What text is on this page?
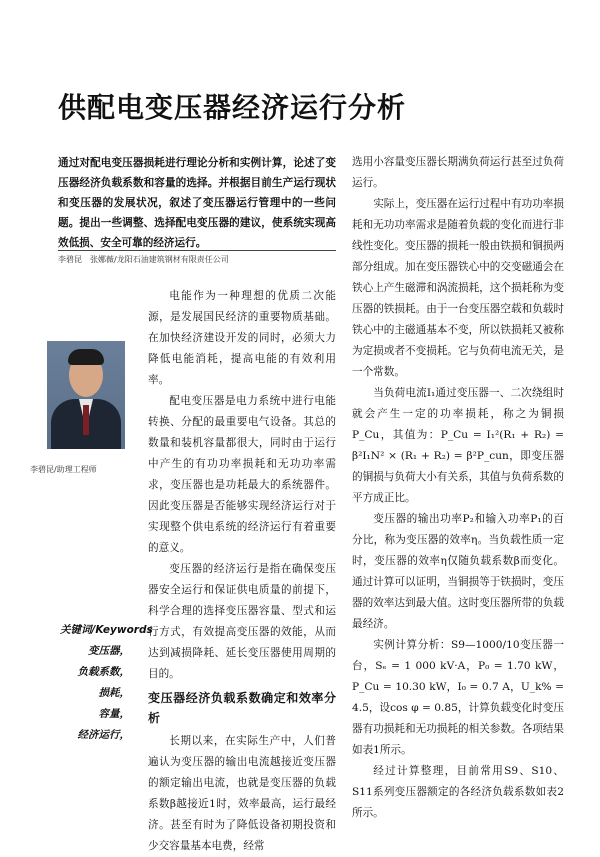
供配电变压器经济运行分析
通过对配电变压器损耗进行理论分析和实例计算，论述了变压器经济负载系数和容量的选择。并根据目前生产运行现状和变压器的发展状况，叙述了变压器运行管理中的一些问题。提出一些调整、选择配电变压器的建议，使系统实现高效低损、安全可靠的经济运行。
李碧昆　张娜薇/龙阳石油建筑钢材有限责任公司
李碧昆/助理工程师
关键词/Keywords
变压器，
负载系数，
损耗，
容量，
经济运行，

电能作为一种理想的优质二次能源，是发展国民经济的重要物质基础。在加快经济建设开发的同时，必须大力降低电能消耗，提高电能的有效利用率。

配电变压器是电力系统中进行电能转换、分配的最重要电气设备。其总的数量和装机容量都很大，同时由于运行中产生的有功功率损耗和无功功率需求，变压器也是功耗最大的系统器件。因此变压器是否能够实现经济运行对于实现整个供电系统的经济运行有着重要的意义。

变压器的经济运行是指在确保变压器安全运行和保证供电质量的前提下，科学合理的选择变压器容量、型式和运行方式，有效提高变压器的效能，从而达到减损降耗、延长变压器使用周期的目的。

变压器经济负载系数确定和效率分析

长期以来，在实际生产中，人们普遍认为变压器的输出电流越接近变压器的额定输出电流，也就是变压器的负载系数β越接近1时，效率最高，运行最经济。甚至有时为了降低设备初期投资和少交容量基本电费，经常

选用小容量变压器长期满负荷运行甚至过负荷运行。

实际上，变压器在运行过程中有功功率损耗和无功功率需求是随着负载的变化而进行非线性变化。变压器的损耗一般由铁损和铜损两部分组成。加在变压器铁心中的交变磁通会在铁心上产生磁滞和涡流损耗，这个损耗称为变压器的铁损耗。由于一台变压器空载和负载时铁心中的主磁通基本不变，所以铁损耗又被称为定损或者不变损耗。它与负荷电流无关，是一个常数。

当负荷电流I₁通过变压器一、二次绕组时就会产生一定的功率损耗，称之为铜损P_Cu，其值为：P_Cu = I₁²(R₁ + R₂) = β²I₁N² × (R₁ + R₂) = β²P_cun，即变压器的铜损与负荷大小有关系，其值与负荷系数的平方成正比。

变压器的输出功率P₂和输入功率P₁的百分比，称为变压器的效率η。当负载性质一定时，变压器的效率η仅随负载系数β而变化。通过计算可以证明，当铜损等于铁损时，变压器的效率达到最大值。这时变压器所带的负载最经济。

实例计算分析：S9—1000/10变压器一台，Sₑ = 1 000 kV·A，P₀ = 1.70 kW，P_Cu = 10.30 kW，I₀ = 0.7 A，U_k% = 4.5，设cos φ = 0.85，计算负载变化时变压器有功损耗和无功损耗的相关参数。各项结果如表1所示。

经过计算整理，目前常用S9、S10、S11系列变压器额定的各经济负载系数如表2所示。
